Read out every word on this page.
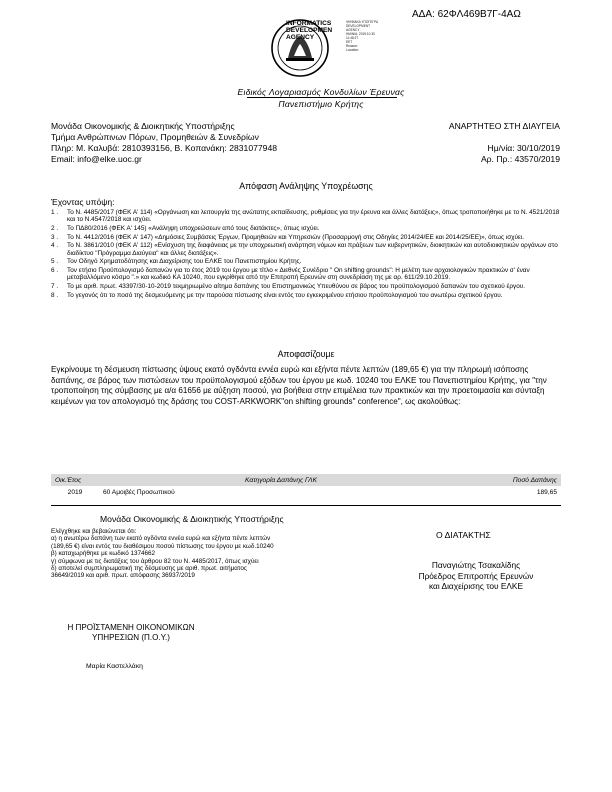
ΑΔΑ: 62ΦΛ469Β7Γ-4ΑΩ
INFORMATICS
DEVELOPMEN
AGENCY
ΨΗΦΙΑΚΑ ΥΠΟΓΕΓΡΑ
DEVELOPMENT AGENCY
ΗΜ/ΝΙΑ: 2019.10.30 11:48:27
EET
Reason:
Location:
Ειδικός Λογαριασμός Κονδυλίων Έρευνας
Πανεπιστήμιο Κρήτης
Μονάδα Οικονομικής & Διοικητικής Υποστήριξης
Τμήμα Ανθρώπινων Πόρων, Προμηθειών & Συνεδρίων
Πληρ: Μ. Καλυβά: 2810393156, Β. Κοπανάκη: 2831077948
Email: info@elke.uoc.gr
ΑΝΑΡΤΗΤΕΟ ΣΤΗ ΔΙΑΥΓΕΙΑ
Ημ/νία: 30/10/2019
Αρ. Πρ.: 43570/2019
Απόφαση Ανάληψης Υποχρέωσης
Έχοντας υπόψη:
1 . Το Ν. 4485/2017 (ΦΕΚ Α' 114) «Οργάνωση και λειτουργία της ανώτατης εκπαίδευσης, ρυθμίσεις για την έρευνα και άλλες διατάξεις», όπως τροποποιήθηκε με το Ν. 4521/2018 και το Ν.4547/2018 και ισχύει.
2 . Το ΠΔ80/2016 (ΦΕΚ Α' 145) «Ανάληψη υποχρεώσεων από τους διατάκτες», όπως ισχύει.
3 . Το Ν. 4412/2016 (ΦΕΚ Α' 147) «Δημόσιες Συμβάσεις Έργων, Προμηθειών και Υπηρεσιών (Προσαρμογή στις Οδηγίες 2014/24/ΕΕ και 2014/25/ΕΕ)», όπως ισχύει.
4 . Το Ν. 3861/2010 (ΦΕΚ Α' 112) «Ενίσχυση της διαφάνειας με την υποχρεωτική ανάρτηση νόμων και πράξεων των κυβερνητικών, διοικητικών και αυτοδιοικητικών οργάνων στο διαδίκτυο "Πρόγραμμα Διαύγεια" και άλλες διατάξεις».
5 . Τον Οδηγό Χρηματοδότησης και Διαχείρισης του ΕΛΚΕ του Πανεπιστημίου Κρήτης.
6 . Τον ετήσιο Προϋπολογισμό δαπανών για το έτος 2019 του έργου με τίτλο « Διεθνές Συνέδριο " On shifting grounds": Η μελέτη των αρχαιολογικών πρακτικών σ' έναν μεταβαλλόμενο κόσμο ".» και κωδικό ΚΑ 10240, που εγκρίθηκε από την Επιτροπή Ερευνών στη συνεδρίαση της με αρ. 611/29.10.2019.
7 . Το με αριθ. πρωτ. 43397/30-10-2019 τεκμηριωμένο αίτημα δαπάνης του Επιστημονικώς Υπευθύνου σε βάρος του προϋπολογισμού δαπανών του σχετικού έργου.
8 . Το γεγονός ότι το ποσό της δεσμευόμενης με την παρούσα πίστωσης είναι εντός του εγκεκριμένου ετήσιου προϋπολογισμού του ανωτέρω σχετικού έργου.
Αποφασίζουμε
Εγκρίνουμε τη δέσμευση πίστωσης ύψους εκατό ογδόντα εννέα ευρώ και εξήντα πέντε λεπτών (189,65 €) για την πληρωμή ισόποσης δαπάνης, σε βάρος των πιστώσεων του προϋπολογισμού εξόδων του έργου με κωδ. 10240 του ΕΛΚΕ του Πανεπιστημίου Κρήτης, για "την τροποποίηση της σύμβασης με α/α 61656 με αύξηση ποσού, για βοήθεια στην επιμέλεια των πρακτικών και την προετοιμασία και σύνταξη κειμένων για τον απολογισμό της δράσης του COST-ARKWORK"on shifting grounds" conference", ως ακολούθως:
Οικ.Έτος	Κατηγορία Δαπάνης ΓΛΚ	Ποσό Δαπάνης
2019	60 Αμοιβές Προσωπικού	189,65
Μονάδα Οικονομικής & Διοικητικής Υποστήριξης
Ελέγχθηκε και βεβαιώνεται ότι:
α) η ανωτέρω δαπάνη των εκατό ογδόντα εννέα ευρώ και εξήντα πέντε λεπτών
(189,65 €) είναι εντός του διαθέσιμου ποσού πίστωσης του έργου με κωδ.10240
β) καταχωρήθηκε με κωδικό 1374662
γ) σύμφωνα με τις διατάξεις του άρθρου 82 του Ν. 4485/2017, όπως ισχύει
δ) αποτελεί συμπληρωματική της δέσμευσης με αριθ. πρωτ. αιτήματος
36649/2019 και αριθ. πρωτ. απόφασης 36937/2019
Ο ΔΙΑΤΑΚΤΗΣ
Παναγιώτης Τσακαλίδης
Πρόεδρος Επιτροπής Ερευνών
και Διαχείρισης του ΕΛΚΕ
Η ΠΡΟΪΣΤΑΜΕΝΗ ΟΙΚΟΝΟΜΙΚΩΝ
ΥΠΗΡΕΣΙΩΝ (Π.Ο.Υ.)
Μαρία Καστελλάκη
